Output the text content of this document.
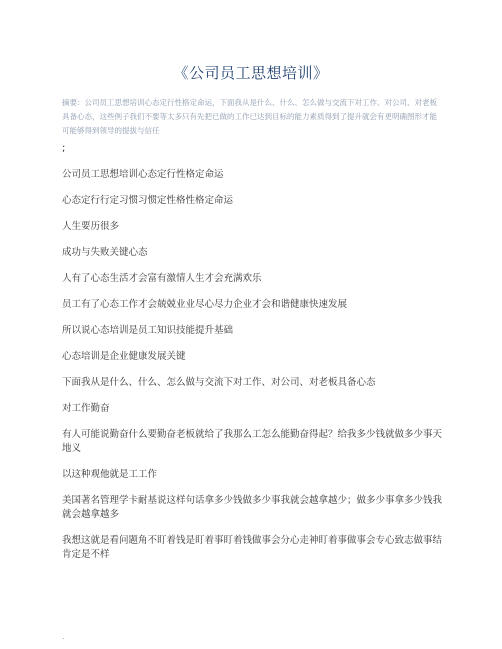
《公司员工思想培训》
摘要：公司员工思想培训心态定行性格定命运，下面我从是什么、什么、怎么做与交流下对工作、对公司、对老板具备心态，这些例子我们不要等太多只有先把已做的工作已达到目标的能力素质得到了提升就会有更明确图形才能可能够得到领导的提拔与信任
;

公司员工思想培训心态定行性格定命运

心态定行行定习惯习惯定性格性格定命运

人生要历很多

成功与失败关键心态

人有了心态生活才会富有激情人生才会充满欢乐

员工有了心态工作才会兢兢业业尽心尽力企业才会和谐健康快速发展

所以说心态培训是员工知识技能提升基础

心态培训是企业健康发展关键

下面我从是什么、什么、怎么做与交流下对工作、对公司、对老板具备心态

对工作勤奋

有人可能说勤奋什么要勤奋老板就给了我那么工怎么能勤奋得起？给我多少钱就做多少事天地义

以这种观他就是工工作

美国著名管理学卡耐基说这样句话拿多少钱做多少事我就会越拿越少；做多少事拿多少钱我就会越拿越多

我想这就是看问题角不盯着钱是盯着事盯着钱做事会分心走神盯着事做事会专心致志做事结肯定是不样

.
